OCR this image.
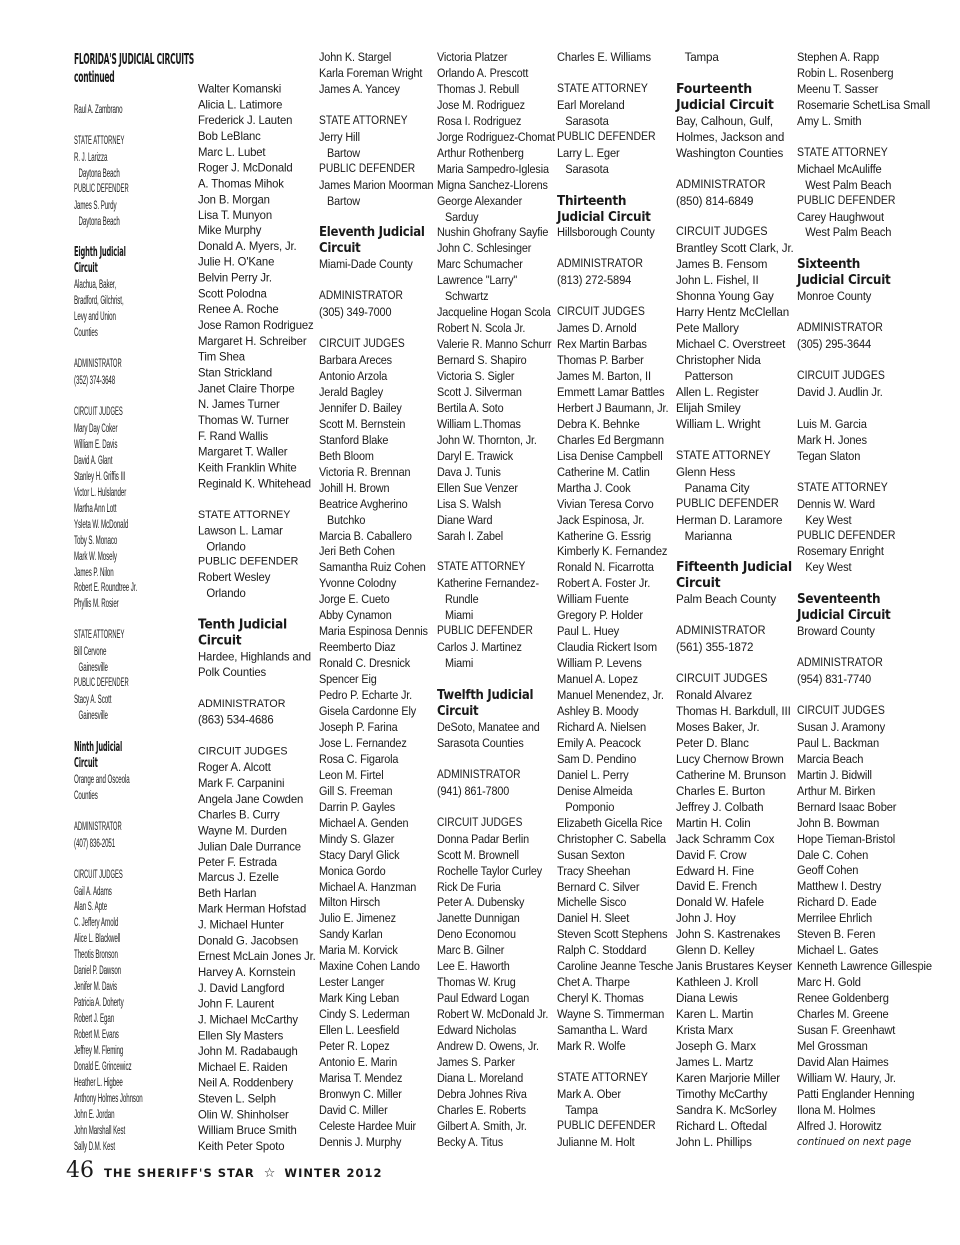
FLORIDA'S JUDICIAL CIRCUITS
continued
Raul A. Zambrano
STATE ATTORNEY
R. J. Larizza
Daytona Beach
PUBLIC DEFENDER
James S. Purdy
Daytona Beach
Eighth Judicial
Circuit
Alachua, Baker,
Bradford, Gilchrist,
Levy and Union
Counties
ADMINISTRATOR
(352) 374-3648
CIRCUIT JUDGES
Mary Day Coker
William E. Davis
David A. Glant
Stanley H. Griffis III
Victor L. Hulslander
Martha Ann Lott
Ysleta W. McDonald
Toby S. Monaco
Mark W. Mosely
James P. Nilon
Robert E. Roundtree Jr.
Phyllis M. Rosier
STATE ATTORNEY
Bill Cervone
Gainesville
PUBLIC DEFENDER
Stacy A. Scott
Gainesville
Ninth Judicial
Circuit
Orange and Osceola
Counties
ADMINISTRATOR
(407) 836-2051
CIRCUIT JUDGES
Gail A. Adams
Alan S. Apte
C. Jeffery Arnold
Alice L. Blackwell
Theotis Bronson
Daniel P. Dawson
Jenifer M. Davis
Patricia A. Doherty
Robert J. Egan
Robert M. Evans
Jeffrey M. Fleming
Donald E. Grincewicz
Heather L. Higbee
Anthony Holmes Johnson
John E. Jordan
John Marshall Kest
Sally D.M. Kest
Walter Komanski
Alicia L. Latimore
Frederick J. Lauten
Bob LeBlanc
Marc L. Lubet
Roger J. McDonald
A. Thomas Mihok
Jon B. Morgan
Lisa T. Munyon
Mike Murphy
Donald A. Myers, Jr.
Julie H. O'Kane
Belvin Perry Jr.
Scott Polodna
Renee A. Roche
Jose Ramon Rodriguez
Margaret H. Schreiber
Tim Shea
Stan Strickland
Janet Claire Thorpe
N. James Turner
Thomas W. Turner
F. Rand Wallis
Margaret T. Waller
Keith Franklin White
Reginald K. Whitehead
STATE ATTORNEY
Lawson L. Lamar
Orlando
PUBLIC DEFENDER
Robert Wesley
Orlando
Tenth Judicial
Circuit
Hardee, Highlands and
Polk Counties
ADMINISTRATOR
(863) 534-4686
CIRCUIT JUDGES
Roger A. Alcott
Mark F. Carpanini
Angela Jane Cowden
Charles B. Curry
Wayne M. Durden
Julian Dale Durrance
Peter F. Estrada
Marcus J. Ezelle
Beth Harlan
Mark Herman Hofstad
J. Michael Hunter
Donald G. Jacobsen
Ernest McLain Jones Jr.
Harvey A. Kornstein
J. David Langford
John F. Laurent
J. Michael McCarthy
Ellen Sly Masters
John M. Radabaugh
Michael E. Raiden
Neil A. Roddenbery
Steven L. Selph
Olin W. Shinholser
William Bruce Smith
Keith Peter Spoto
John K. Stargel
Karla Foreman Wright
James A. Yancey
STATE ATTORNEY
Jerry Hill
Bartow
PUBLIC DEFENDER
James Marion Moorman
Bartow
Eleventh Judicial
Circuit
Miami-Dade County
ADMINISTRATOR
(305) 349-7000
CIRCUIT JUDGES
Barbara Areces
Antonio Arzola
Jerald Bagley
Jennifer D. Bailey
Scott M. Bernstein
Stanford Blake
Beth Bloom
Victoria R. Brennan
Johill H. Brown
Beatrice Avgherino
Butchko
Marcia B. Caballero
Jeri Beth Cohen
Samantha Ruiz Cohen
Yvonne Colodny
Jorge E. Cueto
Abby Cynamon
Maria Espinosa Dennis
Reemberto Diaz
Ronald C. Dresnick
Spencer Eig
Pedro P. Echarte Jr.
Gisela Cardonne Ely
Joseph P. Farina
Jose L. Fernandez
Rosa C. Figarola
Leon M. Firtel
Gill S. Freeman
Darrin P. Gayles
Michael A. Genden
Mindy S. Glazer
Stacy Daryl Glick
Monica Gordo
Michael A. Hanzman
Milton Hirsch
Julio E. Jimenez
Sandy Karlan
Maria M. Korvick
Maxine Cohen Lando
Lester Langer
Mark King Leban
Cindy S. Lederman
Ellen L. Leesfield
Peter R. Lopez
Antonio E. Marin
Marisa T. Mendez
Bronwyn C. Miller
David C. Miller
Celeste Hardee Muir
Dennis J. Murphy
Victoria Platzer
Orlando A. Prescott
Thomas J. Rebull
Jose M. Rodriguez
Rosa I. Rodriguez
Jorge Rodriguez-Chomat
Arthur Rothenberg
Maria Sampedro-Iglesia
Migna Sanchez-Llorens
George Alexander
Sarduy
Nushin Ghofrany Sayfie
John C. Schlesinger
Marc Schumacher
Lawrence "Larry"
Schwartz
Jacqueline Hogan Scola
Robert N. Scola Jr.
Valerie R. Manno Schurr
Bernard S. Shapiro
Victoria S. Sigler
Scott J. Silverman
Bertila A. Soto
William L.Thomas
John W. Thornton, Jr.
Daryl E. Trawick
Dava J. Tunis
Ellen Sue Venzer
Lisa S. Walsh
Diane Ward
Sarah I. Zabel
STATE ATTORNEY
Katherine Fernandez-
Rundle
Miami
PUBLIC DEFENDER
Carlos J. Martinez
Miami
Twelfth Judicial
Circuit
DeSoto, Manatee and
Sarasota Counties
ADMINISTRATOR
(941) 861-7800
CIRCUIT JUDGES
Donna Padar Berlin
Scott M. Brownell
Rochelle Taylor Curley
Rick De Furia
Peter A. Dubensky
Janette Dunnigan
Deno Economou
Marc B. Gilner
Lee E. Haworth
Thomas W. Krug
Paul Edward Logan
Robert W. McDonald Jr.
Edward Nicholas
Andrew D. Owens, Jr.
James S. Parker
Diana L. Moreland
Debra Johnes Riva
Charles E. Roberts
Gilbert A. Smith, Jr.
Becky A. Titus
Charles E. Williams
STATE ATTORNEY
Earl Moreland
Sarasota
PUBLIC DEFENDER
Larry L. Eger
Sarasota
Thirteenth
Judicial Circuit
Hillsborough County
ADMINISTRATOR
(813) 272-5894
CIRCUIT JUDGES
James D. Arnold
Rex Martin Barbas
Thomas P. Barber
James M. Barton, II
Emmett Lamar Battles
Herbert J Baumann, Jr.
Debra K. Behnke
Charles Ed Bergmann
Lisa Denise Campbell
Catherine M. Catlin
Martha J. Cook
Vivian Teresa Corvo
Jack Espinosa, Jr.
Katherine G. Essrig
Kimberly K. Fernandez
Ronald N. Ficarrotta
Robert A. Foster Jr.
William Fuente
Gregory P. Holder
Paul L. Huey
Claudia Rickert Isom
William P. Levens
Manuel A. Lopez
Manuel Menendez, Jr.
Ashley B. Moody
Richard A. Nielsen
Emily A. Peacock
Sam D. Pendino
Daniel L. Perry
Denise Almeida
Pomponio
Elizabeth Gicella Rice
Christopher C. Sabella
Susan Sexton
Tracy Sheehan
Bernard C. Silver
Michelle Sisco
Daniel H. Sleet
Steven Scott Stephens
Ralph C. Stoddard
Caroline Jeanne Tesche
Chet A. Tharpe
Cheryl K. Thomas
Wayne S. Timmerman
Samantha L. Ward
Mark R. Wolfe
STATE ATTORNEY
Mark A. Ober
Tampa
PUBLIC DEFENDER
Julianne M. Holt
Tampa
Fourteenth
Judicial Circuit
Bay, Calhoun, Gulf,
Holmes, Jackson and
Washington Counties
ADMINISTRATOR
(850) 814-6849
CIRCUIT JUDGES
Brantley Scott Clark, Jr.
James B. Fensom
John L. Fishel, II
Shonna Young Gay
Harry Hentz McClellan
Pete Mallory
Michael C. Overstreet
Christopher Nida
Patterson
Allen L. Register
Elijah Smiley
William L. Wright
STATE ATTORNEY
Glenn Hess
Panama City
PUBLIC DEFENDER
Herman D. Laramore
Marianna
Fifteenth Judicial
Circuit
Palm Beach County
ADMINISTRATOR
(561) 355-1872
CIRCUIT JUDGES
Ronald Alvarez
Thomas H. Barkdull, III
Moses Baker, Jr.
Peter D. Blanc
Lucy Chernow Brown
Catherine M. Brunson
Charles E. Burton
Jeffrey J. Colbath
Martin H. Colin
Jack Schramm Cox
David F. Crow
Edward H. Fine
David E. French
Donald W. Hafele
John J. Hoy
John S. Kastrenakes
Glenn D. Kelley
Janis Brustares Keyser
Kathleen J. Kroll
Diana Lewis
Karen L. Martin
Krista Marx
Joseph G. Marx
James L. Martz
Karen Marjorie Miller
Timothy McCarthy
Sandra K. McSorley
Richard L. Oftedal
John L. Phillips
Stephen A. Rapp
Robin L. Rosenberg
Meenu T. Sasser
Rosemarie SchetLisa Small
Amy L. Smith
STATE ATTORNEY
Michael McAuliffe
West Palm Beach
PUBLIC DEFENDER
Carey Haughwout
West Palm Beach
Sixteenth
Judicial Circuit
Monroe County
ADMINISTRATOR
(305) 295-3644
CIRCUIT JUDGES
David J. Audlin Jr.
Luis M. Garcia
Mark H. Jones
Tegan Slaton
STATE ATTORNEY
Dennis W. Ward
Key West
PUBLIC DEFENDER
Rosemary Enright
Key West
Seventeenth
Judicial Circuit
Broward County
ADMINISTRATOR
(954) 831-7740
CIRCUIT JUDGES
Susan J. Aramony
Paul L. Backman
Marcia Beach
Martin J. Bidwill
Arthur M. Birken
Bernard Isaac Bober
John B. Bowman
Hope Tieman-Bristol
Dale C. Cohen
Geoff Cohen
Matthew I. Destry
Richard D. Eade
Merrilee Ehrlich
Steven B. Feren
Michael L. Gates
Kenneth Lawrence Gillespie
Marc H. Gold
Renee Goldenberg
Charles M. Greene
Susan F. Greenhawt
Mel Grossman
David Alan Haimes
William W. Haury, Jr.
Patti Englander Henning
Ilona M. Holmes
Alfred J. Horowitz
continued on next page
46 THE SHERIFF'S STAR ☆ WINTER 2012
